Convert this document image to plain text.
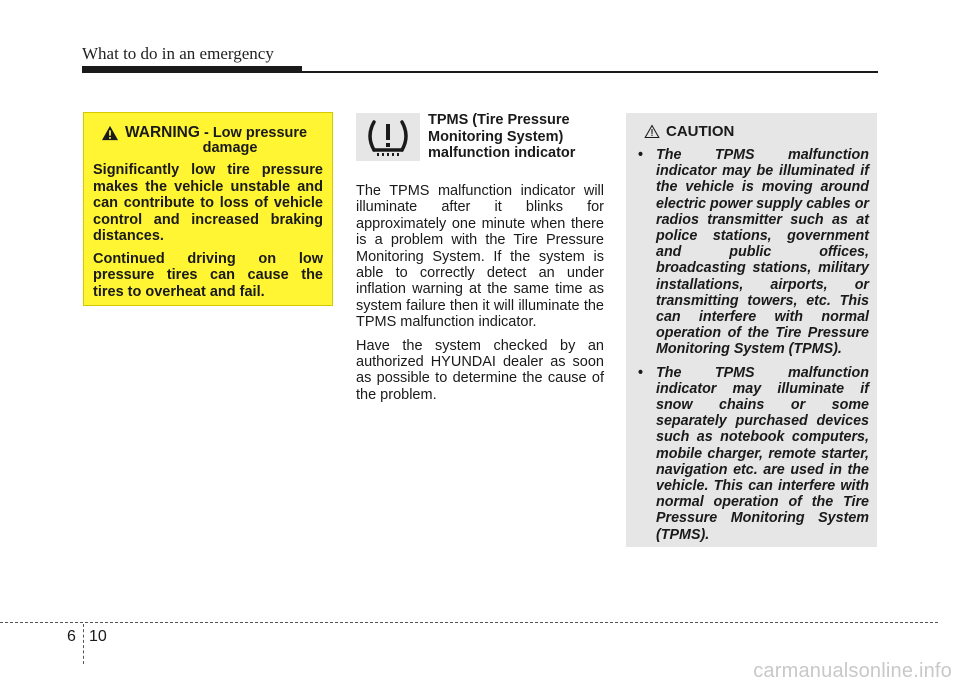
What to do in an emergency
WARNING - Low pressure
damage

Significantly low tire pressure makes the vehicle unstable and can contribute to loss of vehicle control and increased braking distances.

Continued driving on low pressure tires can cause the tires to overheat and fail.

TPMS (Tire Pressure Monitoring System) malfunction indicator

The TPMS malfunction indicator will illuminate after it blinks for approximately one minute when there is a problem with the Tire Pressure Monitoring System. If the system is able to correctly detect an under inflation warning at the same time as system failure then it will illuminate the TPMS malfunction indicator.

Have the system checked by an authorized HYUNDAI dealer as soon as possible to determine the cause of the problem.

CAUTION
• The TPMS malfunction indicator may be illuminated if the vehicle is moving around electric power supply cables or radios transmitter such as at police stations, government and public offices, broadcasting stations, military installations, airports, or transmitting towers, etc. This can interfere with normal operation of the Tire Pressure Monitoring System (TPMS).
• The TPMS malfunction indicator may illuminate if snow chains or some separately purchased devices such as notebook computers, mobile charger, remote starter, navigation etc. are used in the vehicle. This can interfere with normal operation of the Tire Pressure Monitoring System (TPMS).
6 10
carmanualsonline.info
